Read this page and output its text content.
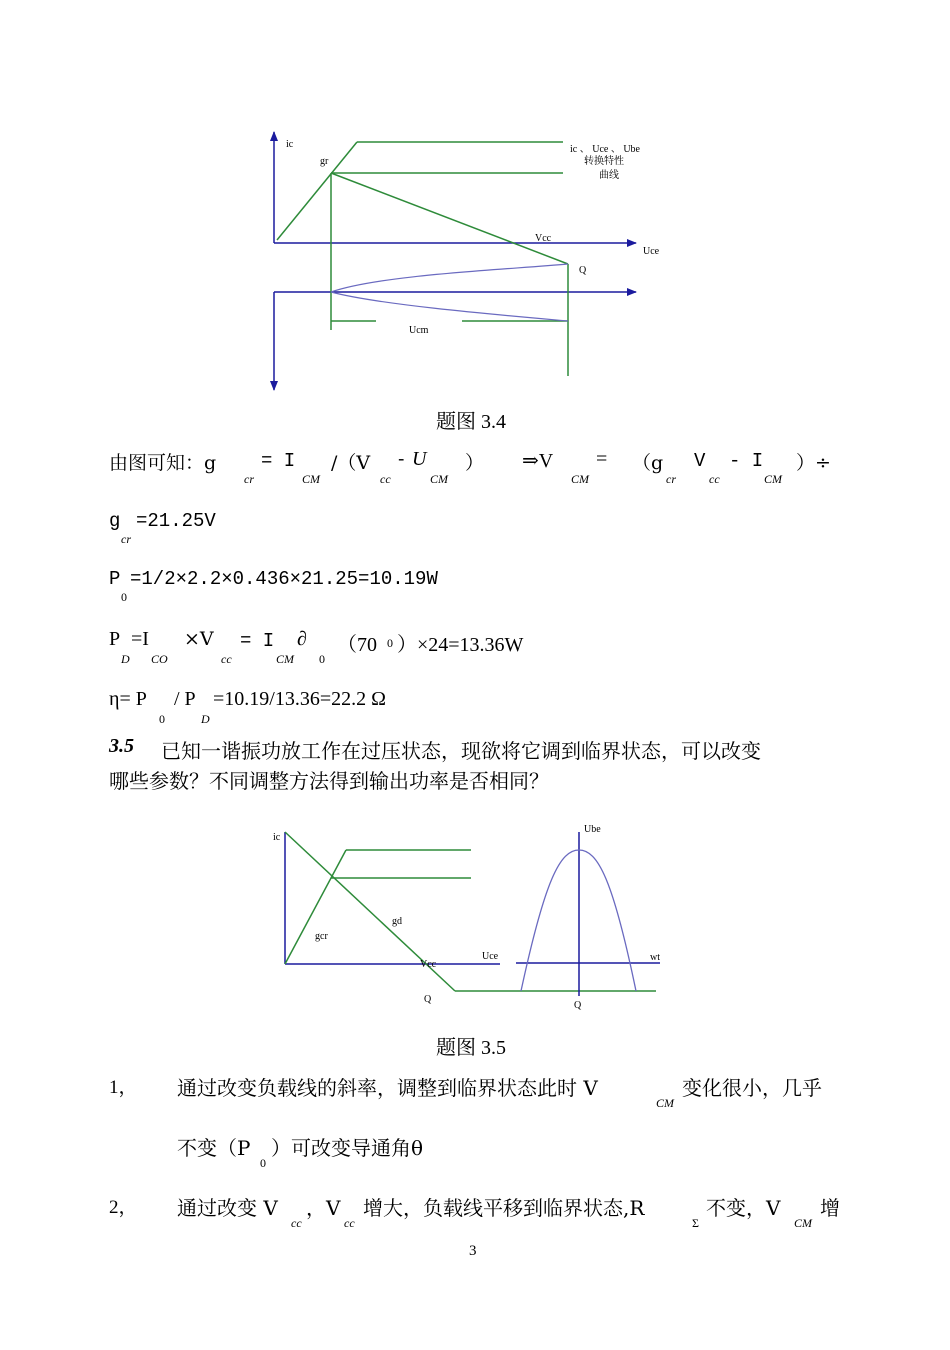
ic
gr
ic 、 Uce 、 Ube
转换特性
曲线
Vcc
Uce
Q
Ucm
题图 3.4
由图可知：g
cr
= I
CM
/（V
cc
- U
CM
） ⇒V
CM
= （g
cr
V
cc
- I
CM
）÷
g
cr
=21.25V
P
0
=1/2×2.2×0.436×21.25=10.19W
P
D
=I
CO
×V
cc
= I
CM
∂
0
（70 0 ）×24=13.36W
η= P
0
/ P
D
=10.19/13.36=22.2 Ω
3.5 已知一谐振功放工作在过压状态，现欲将它调到临界状态，可以改变
哪些参数？不同调整方法得到输出功率是否相同？
ic
gcr
gd
Vcc
Uce
Q
Ube
wt
Q
题图 3.5
1， 通过改变负载线的斜率，调整到临界状态此时 V
CM
变化很小，几乎
不变（P
0
）可改变导通角θ
2， 通过改变 V
cc
，V
cc
增大，负载线平移到临界状态,R
Σ
不变，V
CM
增
3
